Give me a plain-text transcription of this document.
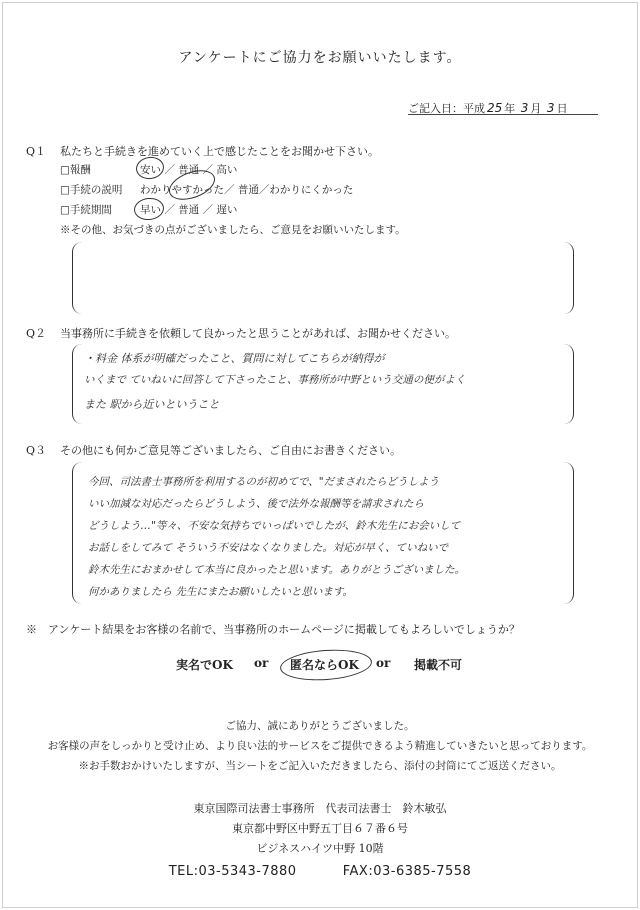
アンケートにご協力をお願いいたします。
ご記入日：平成 25 年 3 月 3 日
Q１ 私たちと手続きを進めていく上で感じたことをお聞かせ下さい。
□報酬	安い ／ 普通 ／ 高い
□手続の説明 わかりやすかった／ 普通／わかりにくかった
□手続期間	早い ／ 普通 ／ 遅い
※その他、お気づきの点がございましたら、ご意見をお願いいたします。
Q２ 当事務所に手続きを依頼して良かったと思うことがあれば、お聞かせください。
・料金 体系が明確だったこと、質問に対してこちらが納得が
いくまで ていねいに回答して下さったこと、事務所が中野という交通の便がよく
また 駅から近いということ
Q３ その他にも何かご意見等ございましたら、ご自由にお書きください。
今回、司法書士事務所を利用するのが初めてで、"だまされたらどうしよう
いい加減な対応だったらどうしよう、後で法外な報酬等を請求されたら
どうしよう…"等々、不安な気持ちでいっぱいでしたが、鈴木先生にお会いして
お話しをしてみて そういう不安はなくなりました。対応が早く、ていねいで
鈴木先生におまかせして本当に良かったと思います。ありがとうございました。
何かありましたら 先生にまたお願いしたいと思います。
※　アンケート結果をお客様の名前で、当事務所のホームページに掲載してもよろしいでしょうか？
実名でOK or 匿名ならOK or 掲載不可
ご協力、誠にありがとうございました。
お客様の声をしっかりと受け止め、より良い法的サービスをご提供できるよう精進していきたいと思っております。
※お手数おかけいたしますが、当シートをご記入いただきましたら、添付の封筒にてご返送ください。
東京国際司法書士事務所　代表司法書士　鈴木敏弘
東京都中野区中野五丁目６７番６号
ビジネスハイツ中野 10階
TEL:03-5343-7880	FAX:03-6385-7558
